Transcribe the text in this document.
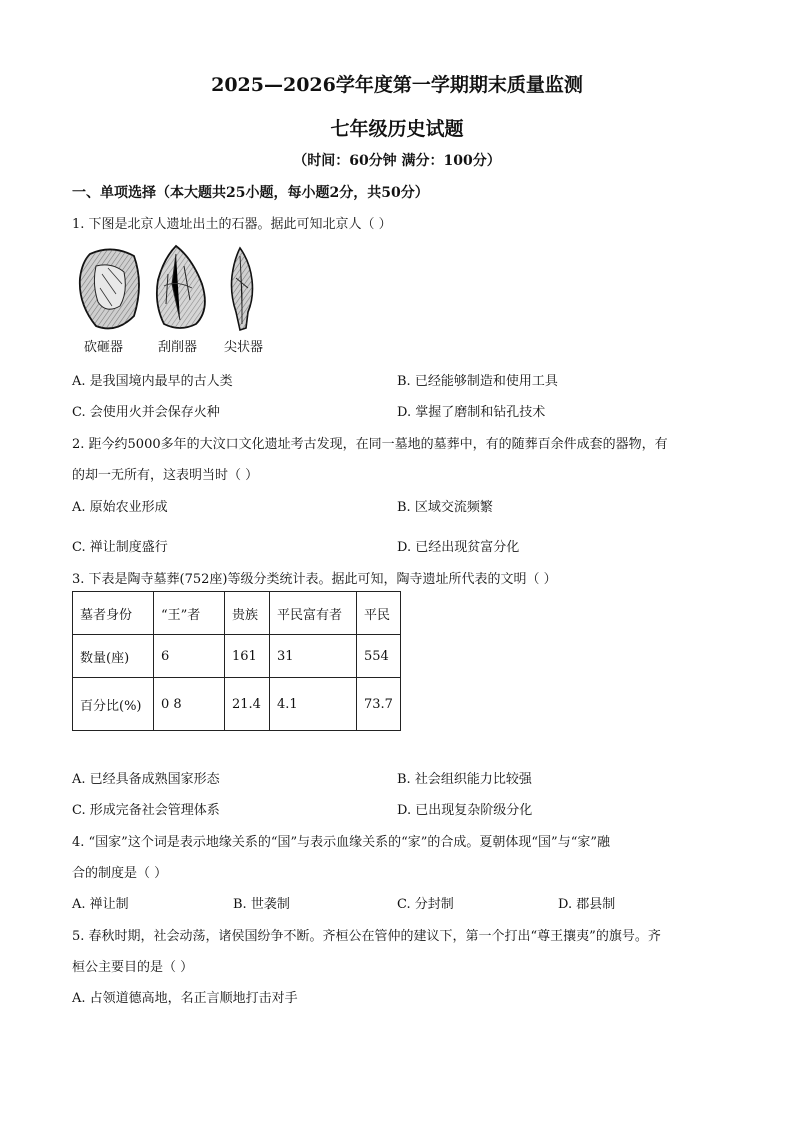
2025—2026学年度第一学期期末质量监测
七年级历史试题
（时间：60分钟 满分：100分）
一、单项选择（本大题共25小题，每小题2分，共50分）
1. 下图是北京人遗址出土的石器。据此可知北京人（ ）
砍砸器	刮削器 尖状器
A. 是我国境内最早的古人类	B. 已经能够制造和使用工具
C. 会使用火并会保存火种	D. 掌握了磨制和钻孔技术
2. 距今约5000多年的大汶口文化遗址考古发现，在同一墓地的墓葬中，有的随葬百余件成套的器物，有
的却一无所有，这表明当时（ ）
A. 原始农业形成	B. 区域交流频繁
C. 禅让制度盛行	D. 已经出现贫富分化
3. 下表是陶寺墓葬(752座)等级分类统计表。据此可知，陶寺遗址所代表的文明（ ）
墓者身份	“王”者	贵族	平民富有者	平民
数量(座)	6	161	31	554
百分比(%)	0 8	21.4	4.1	73.7
A. 已经具备成熟国家形态	B. 社会组织能力比较强
C. 形成完备社会管理体系	D. 已出现复杂阶级分化
4. “国家”这个词是表示地缘关系的“国”与表示血缘关系的“家”的合成。夏朝体现“国”与“家”融
合的制度是（ ）
A. 禅让制	B. 世袭制	C. 分封制	D. 郡县制
5. 春秋时期，社会动荡，诸侯国纷争不断。齐桓公在管仲的建议下，第一个打出“尊王攘夷”的旗号。齐
桓公主要目的是（ ）
A. 占领道德高地，名正言顺地打击对手
